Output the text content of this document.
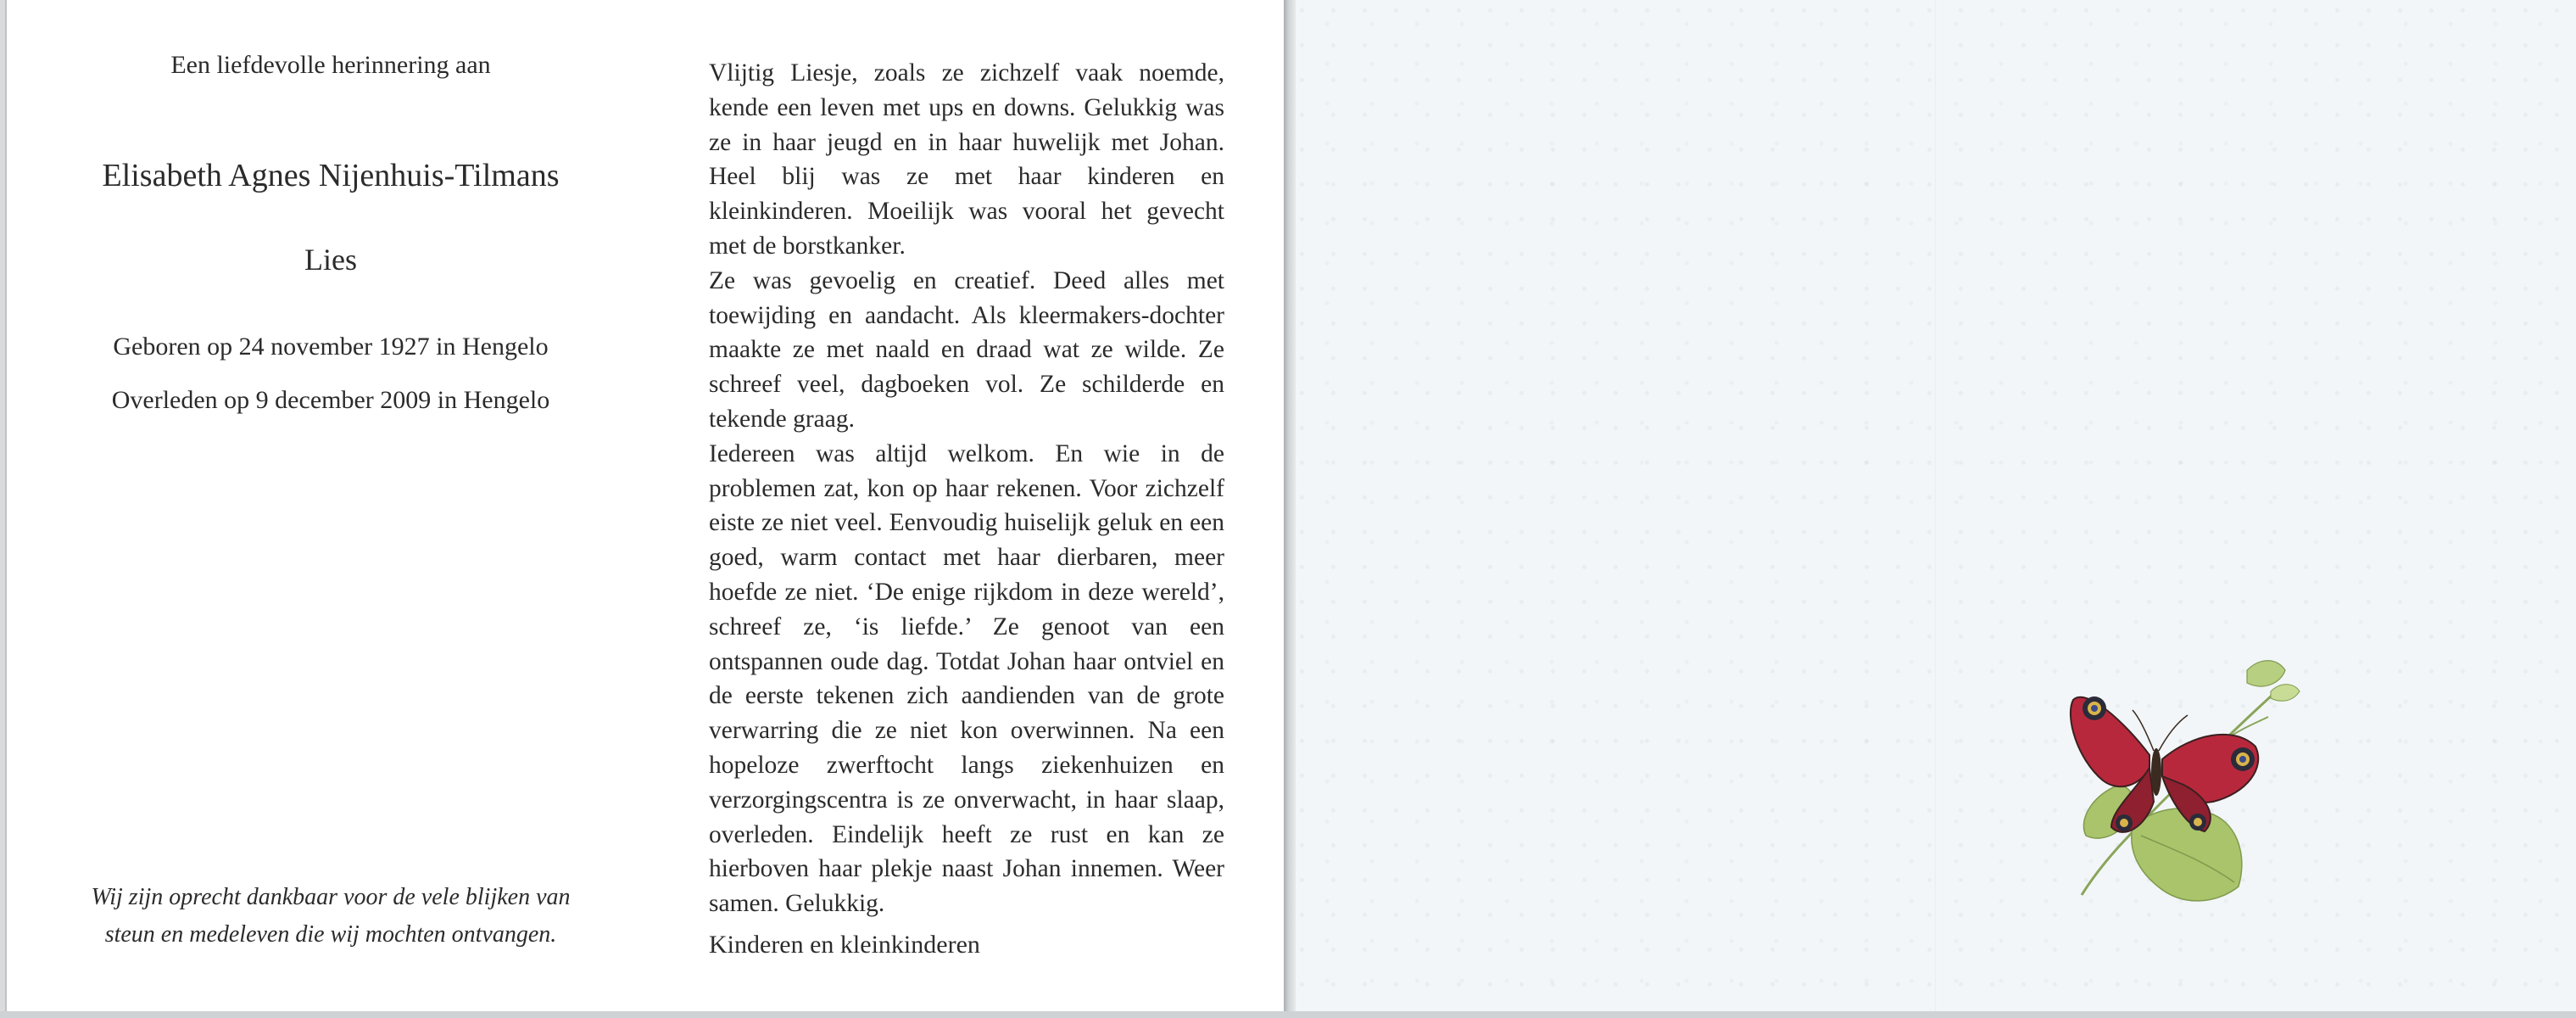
Een liefdevolle herinnering aan
Elisabeth Agnes Nijenhuis-Tilmans
Lies
Geboren op 24 november 1927 in Hengelo
Overleden op 9 december 2009 in Hengelo
Wij zijn oprecht dankbaar voor de vele blijken van
steun en medeleven die wij mochten ontvangen.

Vlijtig Liesje, zoals ze zichzelf vaak noemde, kende een leven met ups en downs. Gelukkig was ze in haar jeugd en in haar huwelijk met Johan. Heel blij was ze met haar kinderen en kleinkinderen. Moeilijk was vooral het gevecht met de borstkanker.

Ze was gevoelig en creatief. Deed alles met toewijding en aandacht. Als kleermakers-dochter maakte ze met naald en draad wat ze wilde. Ze schreef veel, dagboeken vol. Ze schilderde en tekende graag.

Iedereen was altijd welkom. En wie in de problemen zat, kon op haar rekenen. Voor zichzelf eiste ze niet veel. Eenvoudig huiselijk geluk en een goed, warm contact met haar dierbaren, meer hoefde ze niet. ‘De enige rijkdom in deze wereld’, schreef ze, ‘is liefde.’ Ze genoot van een ontspannen oude dag. Totdat Johan haar ontviel en de eerste tekenen zich aandienden van de grote verwarring die ze niet kon overwinnen. Na een hopeloze zwerftocht langs ziekenhuizen en verzorgingscentra is ze onverwacht, in haar slaap, overleden. Eindelijk heeft ze rust en kan ze hierboven haar plekje naast Johan innemen. Weer samen. Gelukkig.

Kinderen en kleinkinderen
